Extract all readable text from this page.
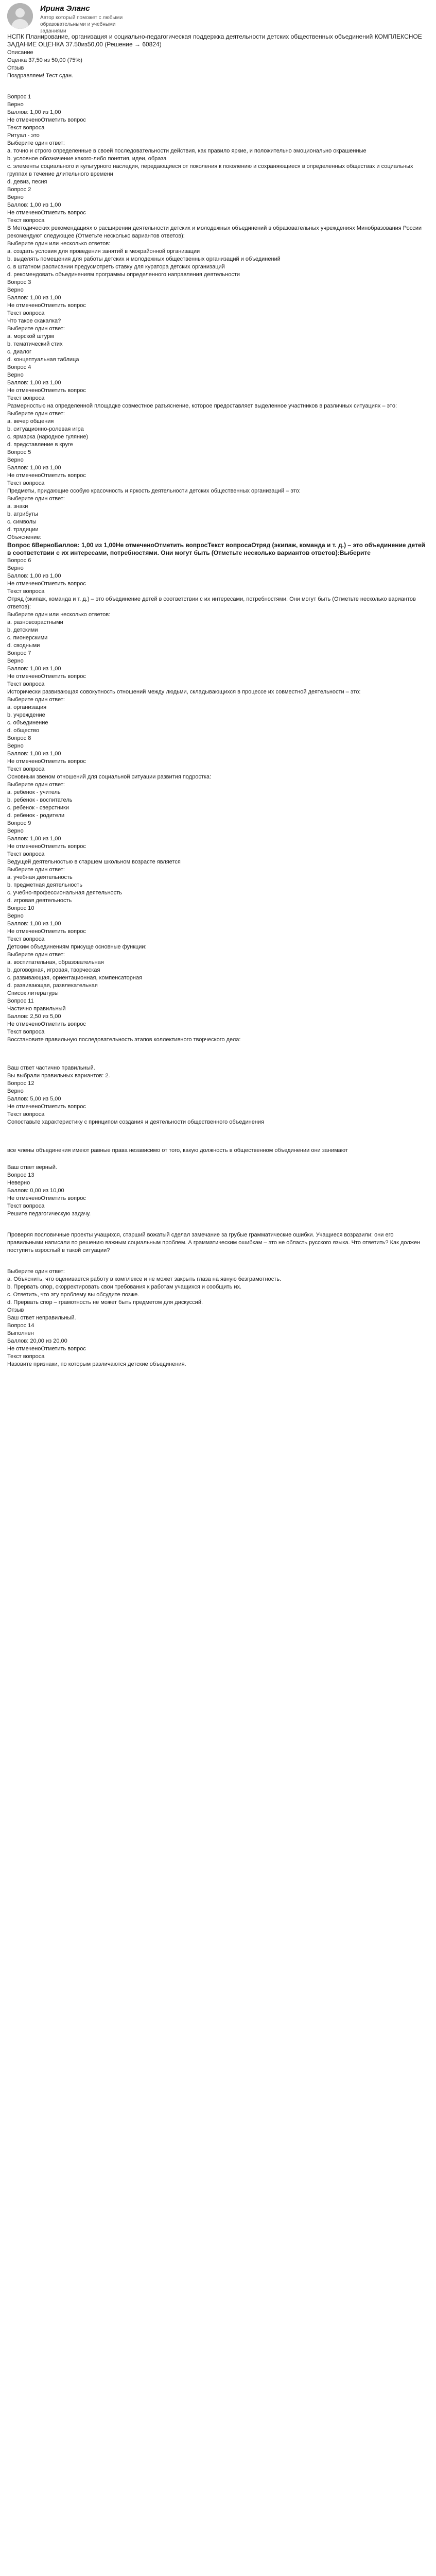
Ирина Эланс
Автор который поможет с любыми образовательными и учебными заданиями
НСПК Планирование, организация и социально-педагогическая поддержка деятельности детских общественных объединений КОМПЛЕКСНОЕ ЗАДАНИЕ ОЦЕНКА 37.50из50,00 (Решение → 60824)
Описание
Оценка 37,50 из 50,00 (75%)
Отзыв
Поздравляем! Тест сдан.
Вопрос 1
Верно
Баллов: 1,00 из 1,00
Не отмеченоОтметить вопрос
Текст вопроса
Ритуал - это
Выберите один ответ:
a. точно и строго определенные в своей последовательности действия, как правило яркие, и положительно эмоционально окрашенные
b. условное обозначение какого-либо понятия, идеи, образа
c. элементы социального и культурного наследия, передающиеся от поколения к поколению и сохраняющиеся в определенных обществах и социальных группах в течение длительного времени
d. девиз, песня
Вопрос 2
Верно
Баллов: 1,00 из 1,00
Не отмеченоОтметить вопрос
Текст вопроса
В Методических рекомендациях о расширении деятельности детских и молодежных объединений в образовательных учреждениях Минобразования России рекомендуют следующее (Отметьте несколько вариантов ответов):
Выберите один или несколько ответов:
a. создать условия для проведения занятий в межрайонной организации
b. выделять помещения для работы детских и молодежных общественных организаций и объединений
c. в штатном расписании предусмотреть ставку для куратора детских организаций
d. рекомендовать объединениям программы определенного направления деятельности
Вопрос 3
Верно
Баллов: 1,00 из 1,00
Не отмеченоОтметить вопрос
Текст вопроса
Что такое скакалка?
Выберите один ответ:
a. морской штурм
b. тематический стих
c. диалог
d. концептуальная таблица
Вопрос 4
Верно
Баллов: 1,00 из 1,00
Не отмеченоОтметить вопрос
Текст вопроса
Размерностью на определенной площадке совместное разъяснение, которое предоставляет выделенное участников в различных ситуациях – это:
Выберите один ответ:
a. вечер общения
b. ситуационно-ролевая игра
c. ярмарка (народное гуляние)
d. представление в круге
Вопрос 5
Верно
Баллов: 1,00 из 1,00
Не отмеченоОтметить вопрос
Текст вопроса
Предметы, придающие особую красочность и яркость деятельности детских общественных организаций – это:
Выберите один ответ:
a. знаки
b. атрибуты
c. символы
d. традиции
Объяснение:
Вопрос 6ВерноБаллов: 1,00 из 1,00Не отмеченоОтметить вопросТекст вопросаОтряд (экипаж, команда и т. д.) – это объединение детей в соответствии с их интересами, потребностями. Они могут быть (Отметьте несколько вариантов ответов):Выберите
Вопрос 6
Верно
Баллов: 1,00 из 1,00
Не отмеченоОтметить вопрос
Текст вопроса
Отряд (экипаж, команда и т. д.) – это объединение детей в соответствии с их интересами, потребностями. Они могут быть (Отметьте несколько вариантов ответов):
Выберите один или несколько ответов:
a. разновозрастными
b. детскими
c. пионерскими
d. сводными
Вопрос 7
Верно
Баллов: 1,00 из 1,00
Не отмеченоОтметить вопрос
Текст вопроса
Исторически развивающая совокупность отношений между людьми, складывающихся в процессе их совместной деятельности – это:
Выберите один ответ:
a. организация
b. учреждение
c. объединение
d. общество
Вопрос 8
Верно
Баллов: 1,00 из 1,00
Не отмеченоОтметить вопрос
Текст вопроса
Основным звеном отношений для социальной ситуации развития подростка:
Выберите один ответ:
a. ребенок - учитель
b. ребенок - воспитатель
c. ребенок - сверстники
d. ребенок - родители
Вопрос 9
Верно
Баллов: 1,00 из 1,00
Не отмеченоОтметить вопрос
Текст вопроса
Ведущей деятельностью в старшем школьном возрасте является
Выберите один ответ:
a. учебная деятельность
b. предметная деятельность
c. учебно-профессиональная деятельность
d. игровая деятельность
Вопрос 10
Верно
Баллов: 1,00 из 1,00
Не отмеченоОтметить вопрос
Текст вопроса
Детским объединениям присуще основные функции:
Выберите один ответ:
a. воспитательная, образовательная
b. договорная, игровая, творческая
c. развивающая, ориентационная, компенсаторная
d. развивающая, развлекательная
Список литературы
Вопрос 11
Частично правильный
Баллов: 2,50 из 5,00
Не отмеченоОтметить вопрос
Текст вопроса
Восстановите правильную последовательность этапов коллективного творческого дела:
Ваш ответ частично правильный.
Вы выбрали правильных вариантов: 2.
Вопрос 12
Верно
Баллов: 5,00 из 5,00
Не отмеченоОтметить вопрос
Текст вопроса
Сопоставьте характеристику с принципом создания и деятельности общественного объединения
все члены объединения имеют равные права независимо от того, какую должность в общественном объединении они занимают
Ваш ответ верный.
Вопрос 13
Неверно
Баллов: 0,00 из 10,00
Не отмеченоОтметить вопрос
Текст вопроса
Решите педагогическую задачу.
Проверяя пословичные проекты учащихся, старший вожатый сделал замечание за грубые грамматические ошибки. Учащиеся возразили: они его правильными написали по решению важным социальным проблем. А грамматическим ошибкам – это не область русского языка. Что ответить? Как должен поступить взрослый в такой ситуации?
Выберите один ответ:
a. Объяснить, что оценивается работу в комплексе и не может закрыть глаза на явную безграмотность.
b. Прервать спор, скорректировать свои требования к работам учащихся и сообщить их.
c. Ответить, что эту проблему вы обсудите позже.
d. Прервать спор – грамотность не может быть предметом для дискуссий.
Отзыв
Ваш ответ неправильный.
Вопрос 14
Выполнен
Баллов: 20,00 из 20,00
Не отмеченоОтметить вопрос
Текст вопроса
Назовите признаки, по которым различаются детские объединения.
